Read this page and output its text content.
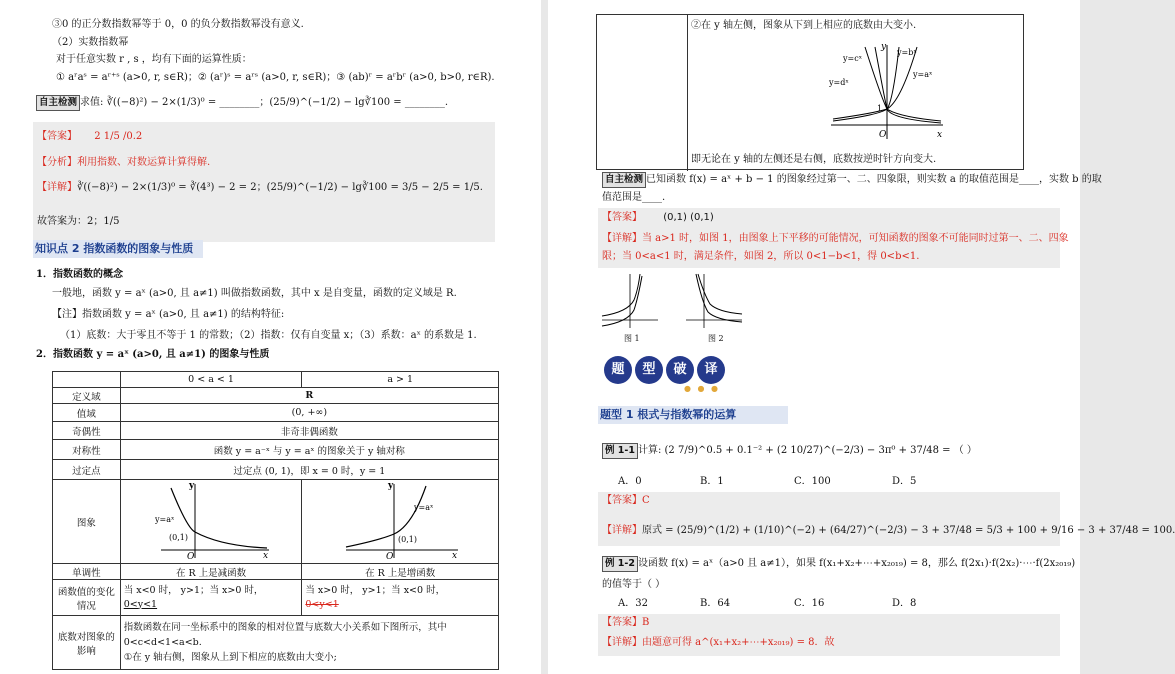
③0 的正分数指数幂等于 0，0 的负分数指数幂没有意义.
（2）实数指数幂
对于任意实数 r , s ，均有下面的运算性质：
① aʳaˢ = aʳ⁺ˢ (a>0, r, s∈R)；② (aʳ)ˢ = aʳˢ (a>0, r, s∈R)；③ (ab)ʳ = aʳbʳ (a>0, b>0, r∈R).
自主检测 求值: ∛((−8)²) − 2×(1/3)⁰ = ________；(25/9)^(−1/2) − lg∛100 = ________.
【答案】 2 1/5 /0.2
【分析】利用指数、对数运算计算得解.
【详解】∛((−8)²) − 2×(1/3)⁰ = ∛(4³) − 2 = 2；(25/9)^(−1/2) − lg∛100 = 3/5 − 2/5 = 1/5.
故答案为：2；1/5
知识点 2 指数函数的图象与性质
1．指数函数的概念
一般地，函数 y = aˣ (a>0, 且 a≠1) 叫做指数函数，其中 x 是自变量，函数的定义域是 R.
【注】指数函数 y = aˣ (a>0, 且 a≠1) 的结构特征:
（1）底数：大于零且不等于 1 的常数；（2）指数：仅有自变量 x；（3）系数：aˣ 的系数是 1.
2．指数函数 y = aˣ (a>0, 且 a≠1) 的图象与性质
	0 < a < 1	a > 1
定义域	R	
值域	(0, +∞)	
奇偶性	非奇非偶函数	
对称性	函数 y = a⁻ˣ 与 y = aˣ 的图象关于 y 轴对称	
过定点	过定点 (0, 1)，即 x = 0 时，y = 1	
图象	y
x
O
y=aˣ
(0,1)	y
x
O
y=aˣ
(0,1)

单调性	在 R 上是减函数	在 R 上是增函数
函数值的变化情况	当 x<0 时， y>1；当 x>0 时，
0<y<1	当 x>0 时， y>1；当 x<0 时，
0<y<1
底数对图象的影响	指数函数在同一坐标系中的图象的相对位置与底数大小关系如下图所示，其中
0<c<d<1<a<b.
①在 y 轴右侧，图象从上到下相应的底数由大变小;	
②在 y 轴左侧，图象从下到上相应的底数由大变小.
y=cˣ
y=bˣ
y=dˣ
y=aˣ
1
O	x
y
即无论在 y 轴的左侧还是右侧，底数按逆时针方向变大.
自主检测 已知函数 f(x) = aˣ + b − 1 的图象经过第一、二、四象限，则实数 a 的取值范围是____，实数 b 的取
值范围是____.
【答案】 (0,1) (0,1)
【详解】当 a>1 时，如图 1，由图象上下平移的可能情况，可知函数的图象不可能同时过第一、二、四象
限；当 0<a<1 时，满足条件，如图 2，所以 0<1−b<1，得 0<b<1.
图 1	图 2
题 型 破 译
● ● ●
题型 1 根式与指数幂的运算
例 1-1 计算: (2 7/9)^0.5 + 0.1⁻² + (2 10/27)^(−2/3) − 3π⁰ + 37/48 = （ ）
A．0	B．1	C．100	D．5
【答案】C
【详解】原式 = (25/9)^(1/2) + (1/10)^(−2) + (64/27)^(−2/3) − 3 + 37/48 = 5/3 + 100 + 9/16 − 3 + 37/48 = 100.
例 1-2 设函数 f(x) = aˣ（a>0 且 a≠1），如果 f(x₁+x₂+⋯+x₂₀₁₉) = 8，那么 f(2x₁)·f(2x₂)·⋯·f(2x₂₀₁₉)
的值等于（ ）
A．32	B．64	C．16	D．8
【答案】B
【详解】由题意可得 a^(x₁+x₂+⋯+x₂₀₁₉) = 8．故
